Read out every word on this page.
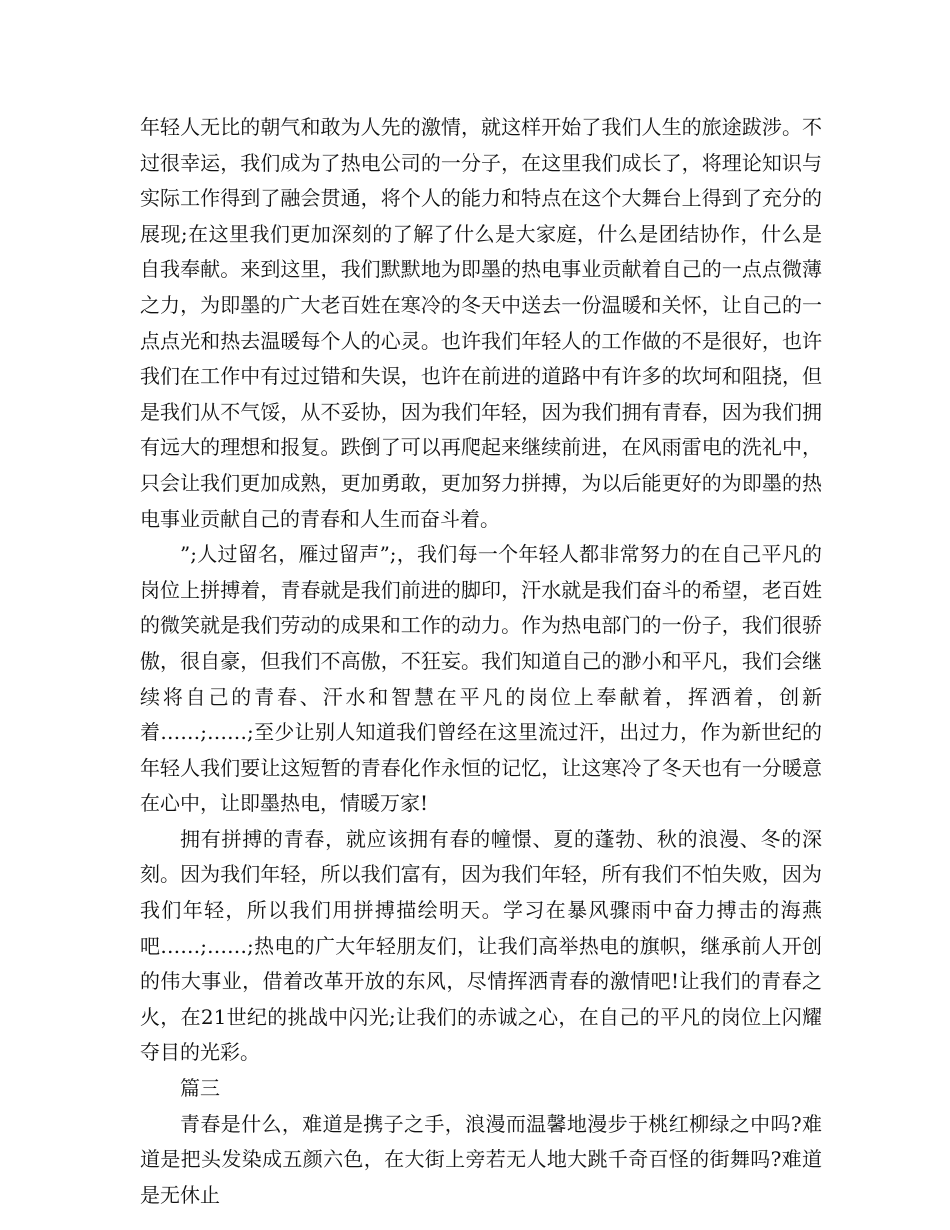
年轻人无比的朝气和敢为人先的激情，就这样开始了我们人生的旅途跋涉。不过很幸运，我们成为了热电公司的一分子，在这里我们成长了，将理论知识与实际工作得到了融会贯通，将个人的能力和特点在这个大舞台上得到了充分的展现;在这里我们更加深刻的了解了什么是大家庭，什么是团结协作，什么是自我奉献。来到这里，我们默默地为即墨的热电事业贡献着自己的一点点微薄之力，为即墨的广大老百姓在寒冷的冬天中送去一份温暖和关怀，让自己的一点点光和热去温暖每个人的心灵。也许我们年轻人的工作做的不是很好，也许我们在工作中有过过错和失误，也许在前进的道路中有许多的坎坷和阻挠，但是我们从不气馁，从不妥协，因为我们年轻，因为我们拥有青春，因为我们拥有远大的理想和报复。跌倒了可以再爬起来继续前进，在风雨雷电的洗礼中，只会让我们更加成熟，更加勇敢，更加努力拼搏，为以后能更好的为即墨的热电事业贡献自己的青春和人生而奋斗着。

”;人过留名，雁过留声”;，我们每一个年轻人都非常努力的在自己平凡的岗位上拼搏着，青春就是我们前进的脚印，汗水就是我们奋斗的希望，老百姓的微笑就是我们劳动的成果和工作的动力。作为热电部门的一份子，我们很骄傲，很自豪，但我们不高傲，不狂妄。我们知道自己的渺小和平凡，我们会继续将自己的青春、汗水和智慧在平凡的岗位上奉献着，挥洒着，创新着……;……;至少让别人知道我们曾经在这里流过汗，出过力，作为新世纪的年轻人我们要让这短暂的青春化作永恒的记忆，让这寒冷了冬天也有一分暖意在心中，让即墨热电，情暖万家!

拥有拼搏的青春，就应该拥有春的幢憬、夏的蓬勃、秋的浪漫、冬的深刻。因为我们年轻，所以我们富有，因为我们年轻，所有我们不怕失败，因为我们年轻，所以我们用拼搏描绘明天。学习在暴风骤雨中奋力搏击的海燕吧……;……;热电的广大年轻朋友们，让我们高举热电的旗帜，继承前人开创的伟大事业，借着改革开放的东风，尽情挥洒青春的激情吧!让我们的青春之火，在21世纪的挑战中闪光;让我们的赤诚之心，在自己的平凡的岗位上闪耀夺目的光彩。

篇三

青春是什么，难道是携子之手，浪漫而温馨地漫步于桃红柳绿之中吗?难道是把头发染成五颜六色，在大街上旁若无人地大跳千奇百怪的街舞吗?难道是无休止
